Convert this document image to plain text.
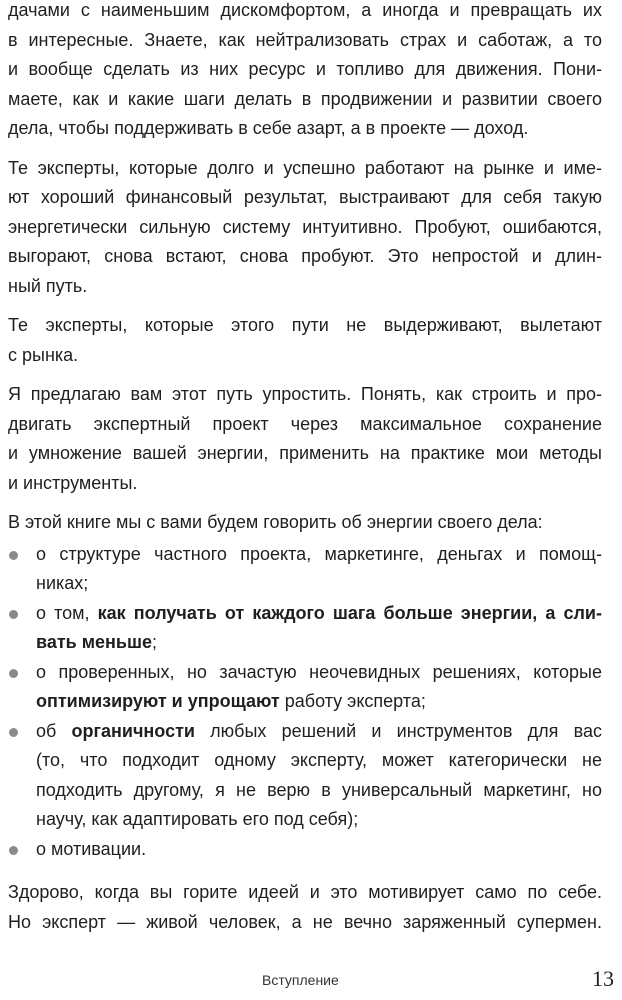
дачами с наименьшим дискомфортом, а иногда и превращать их
в интересные. Знаете, как нейтрализовать страх и саботаж, а то
и вообще сделать из них ресурс и топливо для движения. Пони-
маете, как и какие шаги делать в продвижении и развитии своего
дела, чтобы поддерживать в себе азарт, а в проекте — доход.
Те эксперты, которые долго и успешно работают на рынке и име-
ют хороший финансовый результат, выстраивают для себя такую
энергетически сильную систему интуитивно. Пробуют, ошибаются,
выгорают, снова встают, снова пробуют. Это непростой и длин-
ный путь.
Те эксперты, которые этого пути не выдерживают, вылетают
с рынка.
Я предлагаю вам этот путь упростить. Понять, как строить и про-
двигать экспертный проект через максимальное сохранение
и умножение вашей энергии, применить на практике мои методы
и инструменты.
В этой книге мы с вами будем говорить об энергии своего дела:
о структуре частного проекта, маркетинге, деньгах и помощ-
никах;
о том, как получать от каждого шага больше энергии, а сли-
вать меньше;
о проверенных, но зачастую неочевидных решениях, которые
оптимизируют и упрощают работу эксперта;
об органичности любых решений и инструментов для вас
(то, что подходит одному эксперту, может категорически не
подходить другому, я не верю в универсальный маркетинг, но
научу, как адаптировать его под себя);
о мотивации.
Здорово, когда вы горите идеей и это мотивирует само по себе.
Но эксперт — живой человек, а не вечно заряженный супермен.
Вступление	13
